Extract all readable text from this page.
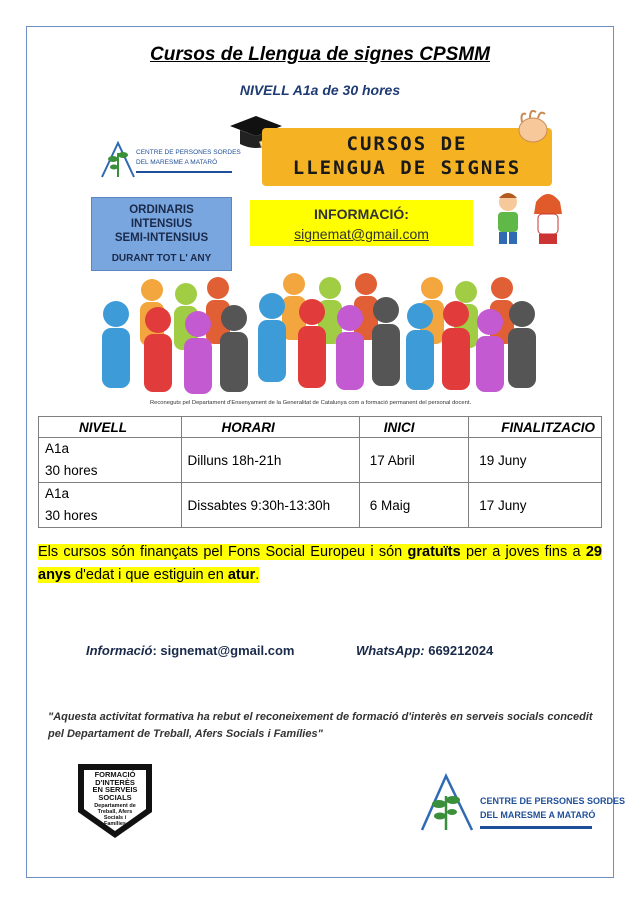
Cursos de Llengua de signes CPSMM
NIVELL A1a de 30 hores
CENTRE DE PERSONES SORDES
DEL MARESME A MATARÓ
CURSOS DE
LLENGUA DE SIGNES
ORDINARIS
INTENSIUS
SEMI-INTENSIUS
DURANT TOT L' ANY
INFORMACIÓ:
signemat@gmail.com
Reconeguts pel Departament d'Ensenyament de la Generalitat de Catalunya com a formació permanent del personal docent.
NIVELL	HORARI	INICI	FINALITZACIO
A1a
30 hores	Dilluns 18h-21h	17 Abril	19 Juny
A1a
30 hores	Dissabtes 9:30h-13:30h	6 Maig	17 Juny
Els cursos són finançats pel Fons Social Europeu i són gratuïts per a joves fins a 29 anys d'edat i que estiguin en atur.
Informació: signemat@gmail.com	WhatsApp: 669212024
"Aquesta activitat formativa ha rebut el reconeixement de formació d'interès en serveis socials concedit pel Departament de Treball, Afers Socials i Famílies"
FORMACIÓ
D'INTERÈS
EN SERVEIS
SOCIALS
Departament de
Treball, Afers
Socials i
Famílies
CENTRE DE PERSONES SORDES
DEL MARESME A MATARÓ
